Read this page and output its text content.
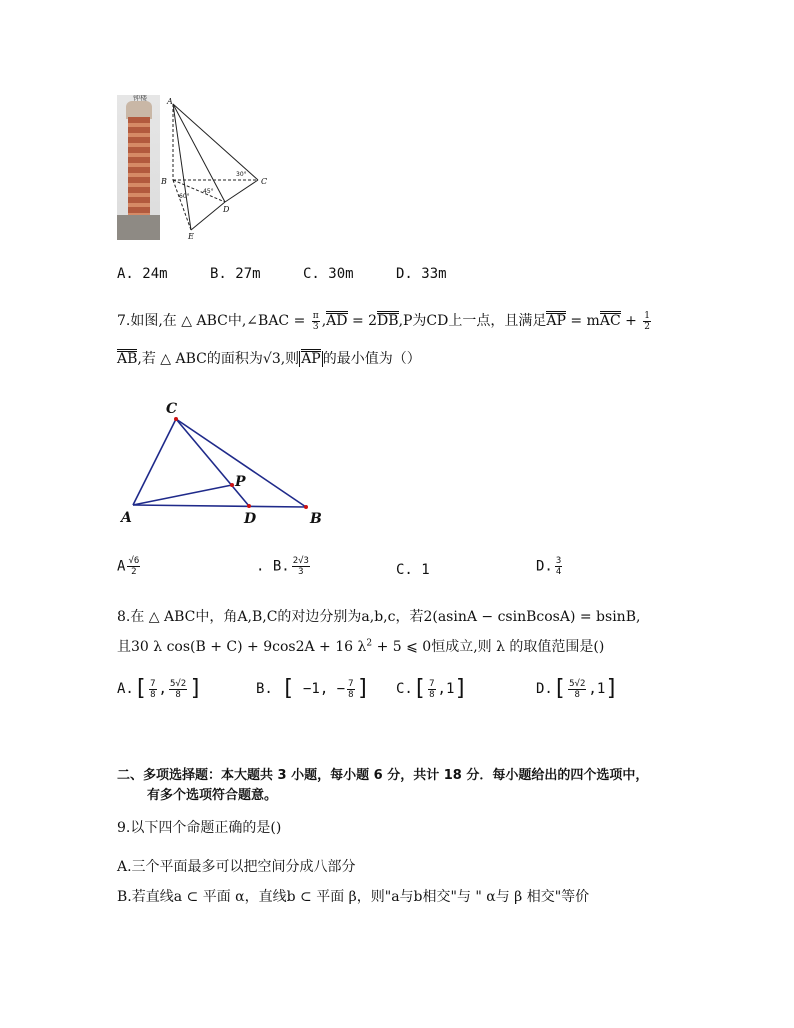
钟楼	A
B	C
D
E
30°
45°
60°
A. 24m	B. 27m	C. 30m	D. 33m
7.如图,在 △ ABC中,∠BAC = $\frac{\pi}{3} ,AD = 2DB,P$为CD上一点，且满足AP = mAC + $\frac{1}{2}$
AB,若 △ ABC的面积为√3,则 AP 的最小值为（）
C
P
A	D	B
A $\frac{√6}{2}$	. B. $\frac{2√3}{3}$	C. 1	D. $\frac{3}{4}$
8.在 △ ABC中，角A,B,C的对边分别为a,b,c，若2(asinA − csinBcosA) = bsinB,
且30 λ cos(B + C) + 9cos2A + 16 $\lambda^2 + 5$ ⩽ 0恒成立,则 λ 的取值范围是()
$A.[ \frac{7}{8}$ , $\frac{5√2}{8}$ ]	B. [ −1, − $\frac{7}{8}$ ] $C.[ \frac{7}{8} ,1]$	$D.[ \frac{5√2}{8} ,1]$
二、多项选择题：本大题共 3 小题，每小题 6 分，共计 18 分．每小题给出的四个选项中，
有多个选项符合题意。
9.以下四个命题正确的是()
A.三个平面最多可以把空间分成八部分
B.若直线a ⊂ 平面 α，直线b ⊂ 平面 β，则"a与b相交"与 " α与 β 相交"等价
